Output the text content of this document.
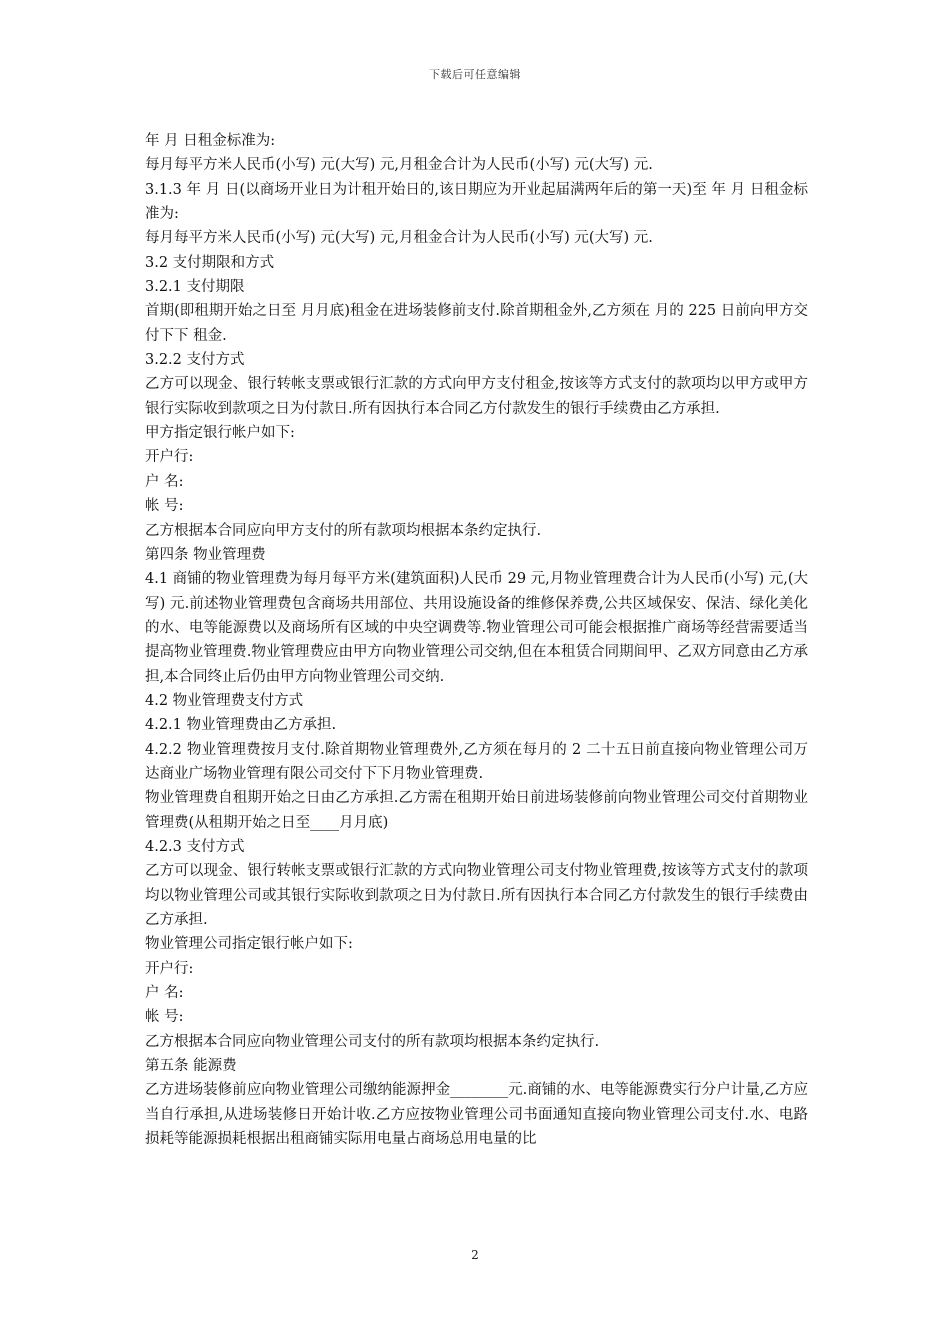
下载后可任意编辑

年 月 日租金标准为:

每月每平方米人民币(小写) 元(大写) 元,月租金合计为人民币(小写) 元(大写) 元.

3.1.3 年 月 日(以商场开业日为计租开始日的,该日期应为开业起届满两年后的第一天)至 年 月 日租金标准为:

每月每平方米人民币(小写) 元(大写) 元,月租金合计为人民币(小写) 元(大写) 元.

3.2 支付期限和方式

3.2.1 支付期限

首期(即租期开始之日至 月月底)租金在进场装修前支付.除首期租金外,乙方须在 月的 225 日前向甲方交付下下 租金.

3.2.2 支付方式

乙方可以现金、银行转帐支票或银行汇款的方式向甲方支付租金,按该等方式支付的款项均以甲方或甲方银行实际收到款项之日为付款日.所有因执行本合同乙方付款发生的银行手续费由乙方承担.

甲方指定银行帐户如下:

开户行:

户 名:

帐 号:

乙方根据本合同应向甲方支付的所有款项均根据本条约定执行.

第四条 物业管理费

4.1 商铺的物业管理费为每月每平方米(建筑面积)人民币 29 元,月物业管理费合计为人民币(小写) 元,(大写) 元.前述物业管理费包含商场共用部位、共用设施设备的维修保养费,公共区域保安、保洁、绿化美化的水、电等能源费以及商场所有区域的中央空调费等.物业管理公司可能会根据推广商场等经营需要适当提高物业管理费.物业管理费应由甲方向物业管理公司交纳,但在本租赁合同期间甲、乙双方同意由乙方承担,本合同终止后仍由甲方向物业管理公司交纳.

4.2 物业管理费支付方式

4.2.1 物业管理费由乙方承担.

4.2.2 物业管理费按月支付.除首期物业管理费外,乙方须在每月的 2 二十五日前直接向物业管理公司万达商业广场物业管理有限公司交付下下月物业管理费.

物业管理费自租期开始之日由乙方承担.乙方需在租期开始日前进场装修前向物业管理公司交付首期物业管理费(从租期开始之日至____月月底)

4.2.3 支付方式

乙方可以现金、银行转帐支票或银行汇款的方式向物业管理公司支付物业管理费,按该等方式支付的款项均以物业管理公司或其银行实际收到款项之日为付款日.所有因执行本合同乙方付款发生的银行手续费由乙方承担.

物业管理公司指定银行帐户如下:

开户行:

户 名:

帐 号:

乙方根据本合同应向物业管理公司支付的所有款项均根据本条约定执行.

第五条 能源费

乙方进场装修前应向物业管理公司缴纳能源押金________元.商铺的水、电等能源费实行分户计量,乙方应当自行承担,从进场装修日开始计收.乙方应按物业管理公司书面通知直接向物业管理公司支付.水、电路损耗等能源损耗根据出租商铺实际用电量占商场总用电量的比

2
